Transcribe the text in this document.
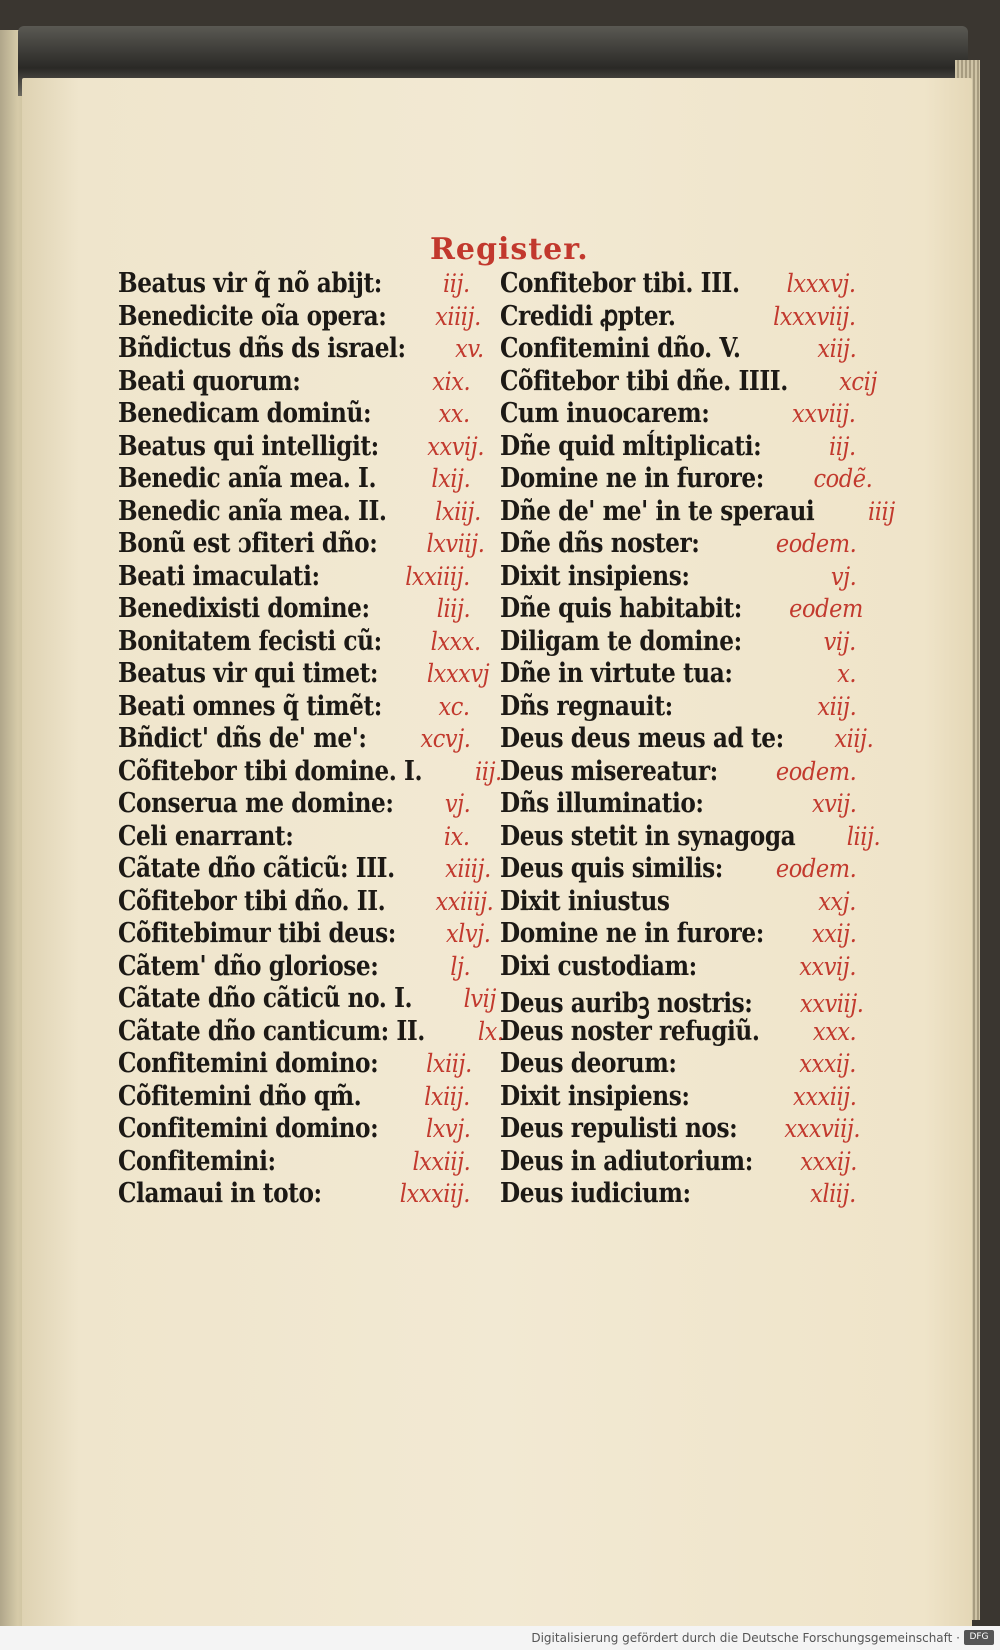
Register.
Beatus vir q̃ nõ abijt: iij.
Benedicite oĩa opera: xiiij.
Bñdictus dñs ds israel: xv.
Beati quorum:	xix.
Benedicam dominũ:	xx.
Beatus qui intelligit: xxvij.
Benedic anĩa mea. I. lxij.
Benedic anĩa mea. II. lxiij.
Bonũ est ɔfiteri dño: lxviij.
Beati imaculati:	lxxiiij.
Benedixisti domine:	liij.
Bonitatem fecisti cũ: lxxx.
Beatus vir qui timet: lxxxvj
Beati omnes q̃ timẽt: xc.
Bñdict' dñs de' me': xcvj.
Cõfitebor tibi domine. I. iij.
Conserua me domine: vj.
Celi enarrant:	ix.
Cãtate dño cãticũ: III. xiiij.
Cõfitebor tibi dño. II. xxiiij.
Cõfitebimur tibi deus: xlvj.
Cãtem' dño gloriose:	lj.
Cãtate dño cãticũ no. I. lvij
Cãtate dño canticum: II. lx.
Confitemini domino: lxiij.
Cõfitemini dño qm̃.	lxiij.
Confitemini domino: lxvj.
Confitemini:	lxxiij.
Clamaui in toto:	lxxxiij.
Confitebor tibi. III. lxxxvj.
Credidi ꝓpter.	lxxxviij.
Confitemini dño. V.	xiij.
Cõfitebor tibi dñe. IIII. xcij
Cum inuocarem:	xxviij.
Dñe quid mĺtiplicati:	iij.
Domine ne in furore: codẽ.
Dñe de' me' in te speraui iiij
Dñe dñs noster:	eodem.
Dixit insipiens:	vj.
Dñe quis habitabit: eodem
Diligam te domine:	vij.
Dñe in virtute tua:	x.
Dñs regnauit:	xiij.
Deus deus meus ad te: xiij.
Deus misereatur: eodem.
Dñs illuminatio:	xvij.
Deus stetit in synagoga liij.
Deus quis similis: eodem.
Dixit iniustus	xxj.
Domine ne in furore: xxij.
Dixi custodiam:	xxvij.
Deus auribꝫ nostris: xxviij.
Deus noster refugiũ. xxx.
Deus deorum:	xxxij.
Dixit insipiens:	xxxiij.
Deus repulisti nos: xxxviij.
Deus in adiutorium: xxxij.
Deus iudicium:	xliij.
Digitalisierung gefördert durch die Deutsche Forschungsgemeinschaft ·	DFG
